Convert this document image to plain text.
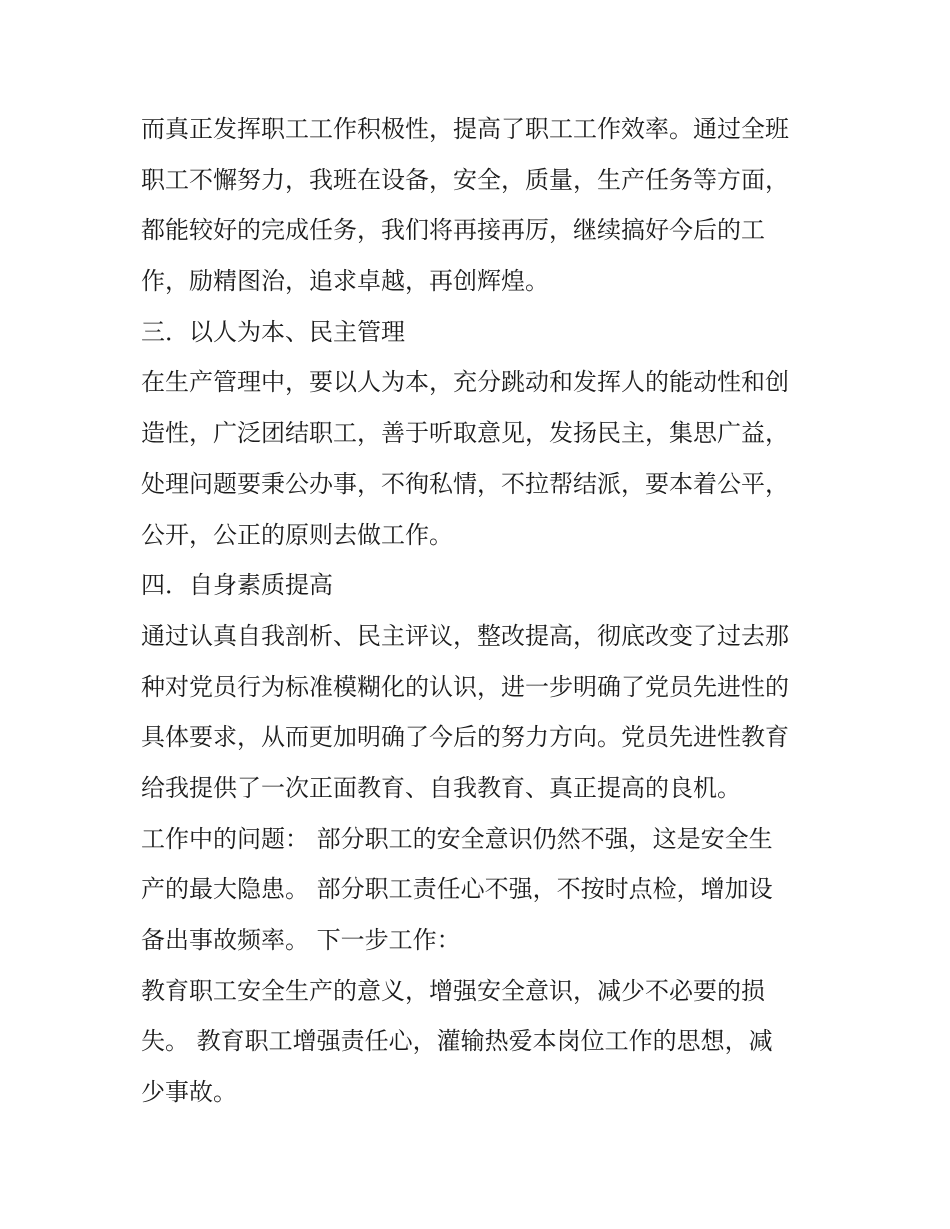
而真正发挥职工工作积极性，提高了职工工作效率。通过全班
职工不懈努力，我班在设备，安全，质量，生产任务等方面，
都能较好的完成任务，我们将再接再厉，继续搞好今后的工
作，励精图治，追求卓越，再创辉煌。
三．以人为本、民主管理
在生产管理中，要以人为本，充分跳动和发挥人的能动性和创
造性，广泛团结职工，善于听取意见，发扬民主，集思广益，
处理问题要秉公办事，不徇私情，不拉帮结派，要本着公平，
公开，公正的原则去做工作。
四．自身素质提高
通过认真自我剖析、民主评议，整改提高，彻底改变了过去那
种对党员行为标准模糊化的认识，进一步明确了党员先进性的
具体要求，从而更加明确了今后的努力方向。党员先进性教育
给我提供了一次正面教育、自我教育、真正提高的良机。
工作中的问题： 部分职工的安全意识仍然不强，这是安全生
产的最大隐患。 部分职工责任心不强，不按时点检，增加设
备出事故频率。 下一步工作：
教育职工安全生产的意义，增强安全意识，减少不必要的损
失。 教育职工增强责任心，灌输热爱本岗位工作的思想，减
少事故。
